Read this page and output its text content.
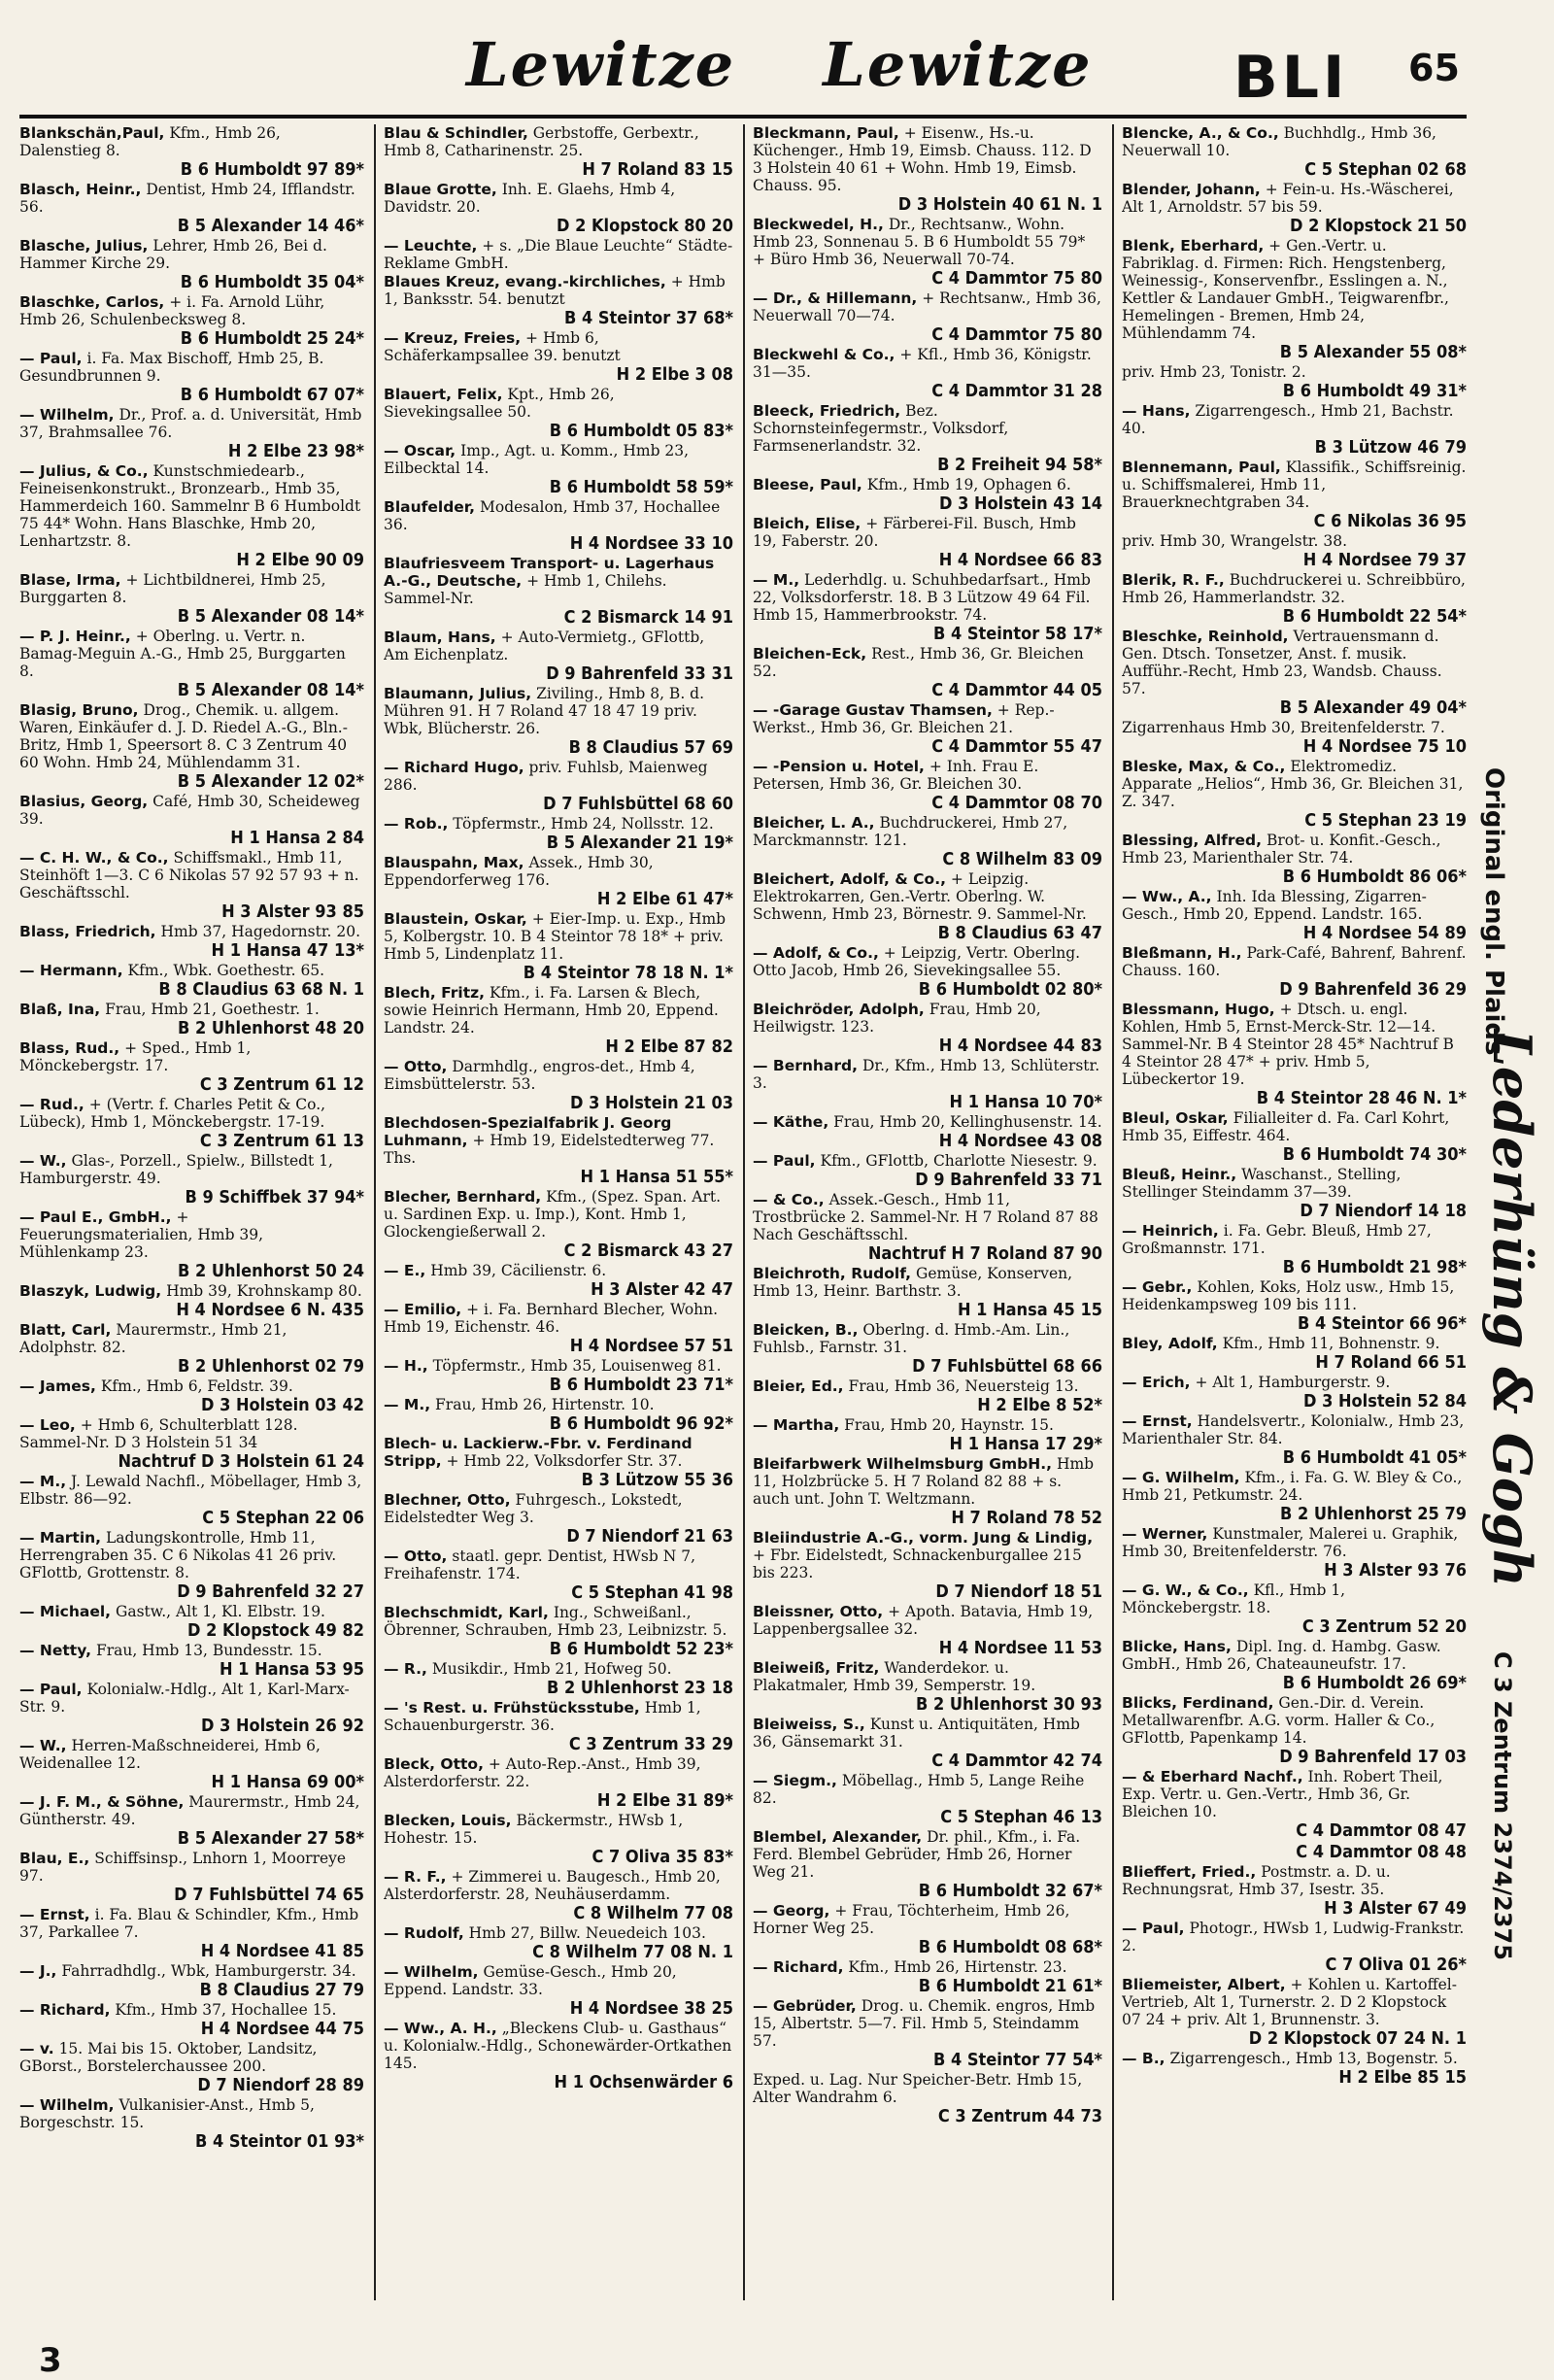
Lewitze Lewitze	BLI 65
Blankschän,Paul, Kfm., Hmb 26, Dalenstieg 8.
B 6 Humboldt 97 89*
Blasch, Heinr., Dentist, Hmb 24, Ifflandstr. 56.
B 5 Alexander 14 46*
Blasche, Julius, Lehrer, Hmb 26, Bei d. Hammer Kirche 29.
B 6 Humboldt 35 04*
Blaschke, Carlos, + i. Fa. Arnold Lühr, Hmb 26, Schulenbecksweg 8.
B 6 Humboldt 25 24*
— Paul, i. Fa. Max Bischoff, Hmb 25, B. Gesundbrunnen 9.
B 6 Humboldt 67 07*
— Wilhelm, Dr., Prof. a. d. Universität, Hmb 37, Brahmsallee 76.
H 2 Elbe 23 98*
— Julius, & Co., Kunstschmiedearb., Feineisenkonstrukt., Bronzearb., Hmb 35, Hammerdeich 160. Sammelnr B 6 Humboldt 75 44* Wohn. Hans Blaschke, Hmb 20, Lenhartzstr. 8.
H 2 Elbe 90 09
Blase, Irma, + Lichtbildnerei, Hmb 25, Burggarten 8.
B 5 Alexander 08 14*
— P. J. Heinr., + Oberlng. u. Vertr. n. Bamag-Meguin A.-G., Hmb 25, Burggarten 8.
B 5 Alexander 08 14*
Blasig, Bruno, Drog., Chemik. u. allgem. Waren, Einkäufer d. J. D. Riedel A.-G., Bln.-Britz, Hmb 1, Speersort 8. C 3 Zentrum 40 60 Wohn. Hmb 24, Mühlendamm 31.
B 5 Alexander 12 02*
Blasius, Georg, Café, Hmb 30, Scheideweg 39.
H 1 Hansa 2 84
— C. H. W., & Co., Schiffsmakl., Hmb 11, Steinhöft 1—3. C 6 Nikolas 57 92 57 93 + n. Geschäftsschl.
H 3 Alster 93 85
Blass, Friedrich, Hmb 37, Hagedornstr. 20.
H 1 Hansa 47 13*
— Hermann, Kfm., Wbk. Goethestr. 65.
B 8 Claudius 63 68 N. 1
Blaß, Ina, Frau, Hmb 21, Goethestr. 1.
B 2 Uhlenhorst 48 20
Blass, Rud., + Sped., Hmb 1, Mönckebergstr. 17.
C 3 Zentrum 61 12
— Rud., + (Vertr. f. Charles Petit & Co., Lübeck), Hmb 1, Mönckebergstr. 17-19.
C 3 Zentrum 61 13
— W., Glas-, Porzell., Spielw., Billstedt 1, Hamburgerstr. 49.
B 9 Schiffbek 37 94*
— Paul E., GmbH., + Feuerungsmaterialien, Hmb 39, Mühlenkamp 23.
B 2 Uhlenhorst 50 24
Blaszyk, Ludwig, Hmb 39, Krohnskamp 80.
H 4 Nordsee 6 N. 435
Blatt, Carl, Maurermstr., Hmb 21, Adolphstr. 82.
B 2 Uhlenhorst 02 79
— James, Kfm., Hmb 6, Feldstr. 39.
D 3 Holstein 03 42
— Leo, + Hmb 6, Schulterblatt 128. Sammel-Nr. D 3 Holstein 51 34
Nachtruf D 3 Holstein 61 24
— M., J. Lewald Nachfl., Möbellager, Hmb 3, Elbstr. 86—92.
C 5 Stephan 22 06
— Martin, Ladungskontrolle, Hmb 11, Herrengraben 35. C 6 Nikolas 41 26 priv. GFlottb, Grottenstr. 8.
D 9 Bahrenfeld 32 27
— Michael, Gastw., Alt 1, Kl. Elbstr. 19.
D 2 Klopstock 49 82
— Netty, Frau, Hmb 13, Bundesstr. 15.
H 1 Hansa 53 95
— Paul, Kolonialw.-Hdlg., Alt 1, Karl-Marx-Str. 9.
D 3 Holstein 26 92
— W., Herren-Maßschneiderei, Hmb 6, Weidenallee 12.
H 1 Hansa 69 00*
— J. F. M., & Söhne, Maurermstr., Hmb 24, Güntherstr. 49.
B 5 Alexander 27 58*
Blau, E., Schiffsinsp., Lnhorn 1, Moorreye 97.
D 7 Fuhlsbüttel 74 65
— Ernst, i. Fa. Blau & Schindler, Kfm., Hmb 37, Parkallee 7.
H 4 Nordsee 41 85
— J., Fahrradhdlg., Wbk, Hamburgerstr. 34.
B 8 Claudius 27 79
— Richard, Kfm., Hmb 37, Hochallee 15.
H 4 Nordsee 44 75
— v. 15. Mai bis 15. Oktober, Landsitz, GBorst., Borstelerchaussee 200.
D 7 Niendorf 28 89
— Wilhelm, Vulkanisier-Anst., Hmb 5, Borgeschstr. 15.
B 4 Steintor 01 93*
Blau & Schindler, Gerbstoffe, Gerbextr., Hmb 8, Catharinenstr. 25.
H 7 Roland 83 15
Blaue Grotte, Inh. E. Glaehs, Hmb 4, Davidstr. 20.
D 2 Klopstock 80 20
— Leuchte, + s. „Die Blaue Leuchte“ Städte-Reklame GmbH.
Blaues Kreuz, evang.-kirchliches, + Hmb 1, Banksstr. 54. benutzt
B 4 Steintor 37 68*
— Kreuz, Freies, + Hmb 6, Schäferkampsallee 39. benutzt
H 2 Elbe 3 08
Blauert, Felix, Kpt., Hmb 26, Sievekingsallee 50.
B 6 Humboldt 05 83*
— Oscar, Imp., Agt. u. Komm., Hmb 23, Eilbecktal 14.
B 6 Humboldt 58 59*
Blaufelder, Modesalon, Hmb 37, Hochallee 36.
H 4 Nordsee 33 10
Blaufriesveem Transport- u. Lagerhaus A.-G., Deutsche, + Hmb 1, Chilehs. Sammel-Nr.
C 2 Bismarck 14 91
Blaum, Hans, + Auto-Vermietg., GFlottb, Am Eichenplatz.
D 9 Bahrenfeld 33 31
Blaumann, Julius, Ziviling., Hmb 8, B. d. Mühren 91. H 7 Roland 47 18 47 19 priv. Wbk, Blücherstr. 26.
B 8 Claudius 57 69
— Richard Hugo, priv. Fuhlsb, Maienweg 286.
D 7 Fuhlsbüttel 68 60
— Rob., Töpfermstr., Hmb 24, Nollsstr. 12.
B 5 Alexander 21 19*
Blauspahn, Max, Assek., Hmb 30, Eppendorferweg 176.
H 2 Elbe 61 47*
Blaustein, Oskar, + Eier-Imp. u. Exp., Hmb 5, Kolbergstr. 10. B 4 Steintor 78 18* + priv. Hmb 5, Lindenplatz 11.
B 4 Steintor 78 18 N. 1*
Blech, Fritz, Kfm., i. Fa. Larsen & Blech, sowie Heinrich Hermann, Hmb 20, Eppend. Landstr. 24.
H 2 Elbe 87 82
— Otto, Darmhdlg., engros-det., Hmb 4, Eimsbüttelerstr. 53.
D 3 Holstein 21 03
Blechdosen-Spezialfabrik J. Georg Luhmann, + Hmb 19, Eidelstedterweg 77. Ths.
H 1 Hansa 51 55*
Blecher, Bernhard, Kfm., (Spez. Span. Art. u. Sardinen Exp. u. Imp.), Kont. Hmb 1, Glockengießerwall 2.
C 2 Bismarck 43 27
— E., Hmb 39, Cäcilienstr. 6.
H 3 Alster 42 47
— Emilio, + i. Fa. Bernhard Blecher, Wohn. Hmb 19, Eichenstr. 46.
H 4 Nordsee 57 51
— H., Töpfermstr., Hmb 35, Louisenweg 81.
B 6 Humboldt 23 71*
— M., Frau, Hmb 26, Hirtenstr. 10.
B 6 Humboldt 96 92*
Blech- u. Lackierw.-Fbr. v. Ferdinand Stripp, + Hmb 22, Volksdorfer Str. 37.
B 3 Lützow 55 36
Blechner, Otto, Fuhrgesch., Lokstedt, Eidelstedter Weg 3.
D 7 Niendorf 21 63
— Otto, staatl. gepr. Dentist, HWsb N 7, Freihafenstr. 174.
C 5 Stephan 41 98
Blechschmidt, Karl, Ing., Schweißanl., Öbrenner, Schrauben, Hmb 23, Leibnizstr. 5.
B 6 Humboldt 52 23*
— R., Musikdir., Hmb 21, Hofweg 50.
B 2 Uhlenhorst 23 18
— 's Rest. u. Frühstücksstube, Hmb 1, Schauenburgerstr. 36.
C 3 Zentrum 33 29
Bleck, Otto, + Auto-Rep.-Anst., Hmb 39, Alsterdorferstr. 22.
H 2 Elbe 31 89*
Blecken, Louis, Bäckermstr., HWsb 1, Hohestr. 15.
C 7 Oliva 35 83*
— R. F., + Zimmerei u. Baugesch., Hmb 20, Alsterdorferstr. 28, Neuhäuserdamm.
C 8 Wilhelm 77 08
— Rudolf, Hmb 27, Billw. Neuedeich 103.
C 8 Wilhelm 77 08 N. 1
— Wilhelm, Gemüse-Gesch., Hmb 20, Eppend. Landstr. 33.
H 4 Nordsee 38 25
— Ww., A. H., „Bleckens Club- u. Gasthaus“ u. Kolonialw.-Hdlg., Schonewärder-Ortkathen 145.
H 1 Ochsenwärder 6
Bleckmann, Paul, + Eisenw., Hs.-u. Küchenger., Hmb 19, Eimsb. Chauss. 112. D 3 Holstein 40 61 + Wohn. Hmb 19, Eimsb. Chauss. 95.
D 3 Holstein 40 61 N. 1
Bleckwedel, H., Dr., Rechtsanw., Wohn. Hmb 23, Sonnenau 5. B 6 Humboldt 55 79* + Büro Hmb 36, Neuerwall 70-74.
C 4 Dammtor 75 80
— Dr., & Hillemann, + Rechtsanw., Hmb 36, Neuerwall 70—74.
C 4 Dammtor 75 80
Bleckwehl & Co., + Kfl., Hmb 36, Königstr. 31—35.
C 4 Dammtor 31 28
Bleeck, Friedrich, Bez. Schornsteinfegermstr., Volksdorf, Farmsenerlandstr. 32.
B 2 Freiheit 94 58*
Bleese, Paul, Kfm., Hmb 19, Ophagen 6.
D 3 Holstein 43 14
Bleich, Elise, + Färberei-Fil. Busch, Hmb 19, Faberstr. 20.
H 4 Nordsee 66 83
— M., Lederhdlg. u. Schuhbedarfsart., Hmb 22, Volksdorferstr. 18. B 3 Lützow 49 64 Fil. Hmb 15, Hammerbrookstr. 74.
B 4 Steintor 58 17*
Bleichen-Eck, Rest., Hmb 36, Gr. Bleichen 52.
C 4 Dammtor 44 05
— -Garage Gustav Thamsen, + Rep.-Werkst., Hmb 36, Gr. Bleichen 21.
C 4 Dammtor 55 47
— -Pension u. Hotel, + Inh. Frau E. Petersen, Hmb 36, Gr. Bleichen 30.
C 4 Dammtor 08 70
Bleicher, L. A., Buchdruckerei, Hmb 27, Marckmannstr. 121.
C 8 Wilhelm 83 09
Bleichert, Adolf, & Co., + Leipzig. Elektrokarren, Gen.-Vertr. Oberlng. W. Schwenn, Hmb 23, Börnestr. 9. Sammel-Nr.
B 8 Claudius 63 47
— Adolf, & Co., + Leipzig, Vertr. Oberlng. Otto Jacob, Hmb 26, Sievekingsallee 55.
B 6 Humboldt 02 80*
Bleichröder, Adolph, Frau, Hmb 20, Heilwigstr. 123.
H 4 Nordsee 44 83
— Bernhard, Dr., Kfm., Hmb 13, Schlüterstr. 3.
H 1 Hansa 10 70*
— Käthe, Frau, Hmb 20, Kellinghusenstr. 14.
H 4 Nordsee 43 08
— Paul, Kfm., GFlottb, Charlotte Niesestr. 9.
D 9 Bahrenfeld 33 71
— & Co., Assek.-Gesch., Hmb 11, Trostbrücke 2. Sammel-Nr. H 7 Roland 87 88 Nach Geschäftsschl.
Nachtruf H 7 Roland 87 90
Bleichroth, Rudolf, Gemüse, Konserven, Hmb 13, Heinr. Barthstr. 3.
H 1 Hansa 45 15
Bleicken, B., Oberlng. d. Hmb.-Am. Lin., Fuhlsb., Farnstr. 31.
D 7 Fuhlsbüttel 68 66
Bleier, Ed., Frau, Hmb 36, Neuersteig 13.
H 2 Elbe 8 52*
— Martha, Frau, Hmb 20, Haynstr. 15.
H 1 Hansa 17 29*
Bleifarbwerk Wilhelmsburg GmbH., Hmb 11, Holzbrücke 5. H 7 Roland 82 88 + s. auch unt. John T. Weltzmann.
H 7 Roland 78 52
Bleiindustrie A.-G., vorm. Jung & Lindig, + Fbr. Eidelstedt, Schnackenburgallee 215 bis 223.
D 7 Niendorf 18 51
Bleissner, Otto, + Apoth. Batavia, Hmb 19, Lappenbergsallee 32.
H 4 Nordsee 11 53
Bleiweiß, Fritz, Wanderdekor. u. Plakatmaler, Hmb 39, Semperstr. 19.
B 2 Uhlenhorst 30 93
Bleiweiss, S., Kunst u. Antiquitäten, Hmb 36, Gänsemarkt 31.
C 4 Dammtor 42 74
— Siegm., Möbellag., Hmb 5, Lange Reihe 82.
C 5 Stephan 46 13
Blembel, Alexander, Dr. phil., Kfm., i. Fa. Ferd. Blembel Gebrüder, Hmb 26, Horner Weg 21.
B 6 Humboldt 32 67*
— Georg, + Frau, Töchterheim, Hmb 26, Horner Weg 25.
B 6 Humboldt 08 68*
— Richard, Kfm., Hmb 26, Hirtenstr. 23.
B 6 Humboldt 21 61*
— Gebrüder, Drog. u. Chemik. engros, Hmb 15, Albertstr. 5—7. Fil. Hmb 5, Steindamm 57.
B 4 Steintor 77 54*
Exped. u. Lag. Nur Speicher-Betr. Hmb 15, Alter Wandrahm 6.
C 3 Zentrum 44 73
Blencke, A., & Co., Buchhdlg., Hmb 36, Neuerwall 10.
C 5 Stephan 02 68
Blender, Johann, + Fein-u. Hs.-Wäscherei, Alt 1, Arnoldstr. 57 bis 59.
D 2 Klopstock 21 50
Blenk, Eberhard, + Gen.-Vertr. u. Fabriklag. d. Firmen: Rich. Hengstenberg, Weinessig-, Konservenfbr., Esslingen a. N., Kettler & Landauer GmbH., Teigwarenfbr., Hemelingen - Bremen, Hmb 24, Mühlendamm 74.
B 5 Alexander 55 08*
priv. Hmb 23, Tonistr. 2.
B 6 Humboldt 49 31*
— Hans, Zigarrengesch., Hmb 21, Bachstr. 40.
B 3 Lützow 46 79
Blennemann, Paul, Klassifik., Schiffsreinig. u. Schiffsmalerei, Hmb 11, Brauerknechtgraben 34.
C 6 Nikolas 36 95
priv. Hmb 30, Wrangelstr. 38.
H 4 Nordsee 79 37
Blerik, R. F., Buchdruckerei u. Schreibbüro, Hmb 26, Hammerlandstr. 32.
B 6 Humboldt 22 54*
Bleschke, Reinhold, Vertrauensmann d. Gen. Dtsch. Tonsetzer, Anst. f. musik. Aufführ.-Recht, Hmb 23, Wandsb. Chauss. 57.
B 5 Alexander 49 04*
Zigarrenhaus Hmb 30, Breitenfelderstr. 7.
H 4 Nordsee 75 10
Bleske, Max, & Co., Elektromediz. Apparate „Helios“, Hmb 36, Gr. Bleichen 31, Z. 347.
C 5 Stephan 23 19
Blessing, Alfred, Brot- u. Konfit.-Gesch., Hmb 23, Marienthaler Str. 74.
B 6 Humboldt 86 06*
— Ww., A., Inh. Ida Blessing, Zigarren-Gesch., Hmb 20, Eppend. Landstr. 165.
H 4 Nordsee 54 89
Bleßmann, H., Park-Café, Bahrenf, Bahrenf. Chauss. 160.
D 9 Bahrenfeld 36 29
Blessmann, Hugo, + Dtsch. u. engl. Kohlen, Hmb 5, Ernst-Merck-Str. 12—14. Sammel-Nr. B 4 Steintor 28 45* Nachtruf B 4 Steintor 28 47* + priv. Hmb 5, Lübeckertor 19.
B 4 Steintor 28 46 N. 1*
Bleul, Oskar, Filialleiter d. Fa. Carl Kohrt, Hmb 35, Eiffestr. 464.
B 6 Humboldt 74 30*
Bleuß, Heinr., Waschanst., Stelling, Stellinger Steindamm 37—39.
D 7 Niendorf 14 18
— Heinrich, i. Fa. Gebr. Bleuß, Hmb 27, Großmannstr. 171.
B 6 Humboldt 21 98*
— Gebr., Kohlen, Koks, Holz usw., Hmb 15, Heidenkampsweg 109 bis 111.
B 4 Steintor 66 96*
Bley, Adolf, Kfm., Hmb 11, Bohnenstr. 9.
H 7 Roland 66 51
— Erich, + Alt 1, Hamburgerstr. 9.
D 3 Holstein 52 84
— Ernst, Handelsvertr., Kolonialw., Hmb 23, Marienthaler Str. 84.
B 6 Humboldt 41 05*
— G. Wilhelm, Kfm., i. Fa. G. W. Bley & Co., Hmb 21, Petkumstr. 24.
B 2 Uhlenhorst 25 79
— Werner, Kunstmaler, Malerei u. Graphik, Hmb 30, Breitenfelderstr. 76.
H 3 Alster 93 76
— G. W., & Co., Kfl., Hmb 1, Mönckebergstr. 18.
C 3 Zentrum 52 20
Blicke, Hans, Dipl. Ing. d. Hambg. Gasw. GmbH., Hmb 26, Chateauneufstr. 17.
B 6 Humboldt 26 69*
Blicks, Ferdinand, Gen.-Dir. d. Verein. Metallwarenfbr. A.G. vorm. Haller & Co., GFlottb, Papenkamp 14.
D 9 Bahrenfeld 17 03
— & Eberhard Nachf., Inh. Robert Theil, Exp. Vertr. u. Gen.-Vertr., Hmb 36, Gr. Bleichen 10.
C 4 Dammtor 08 47
C 4 Dammtor 08 48
Blieffert, Fried., Postmstr. a. D. u. Rechnungsrat, Hmb 37, Isestr. 35.
H 3 Alster 67 49
— Paul, Photogr., HWsb 1, Ludwig-Frankstr. 2.
C 7 Oliva 01 26*
Bliemeister, Albert, + Kohlen u. Kartoffel-Vertrieb, Alt 1, Turnerstr. 2. D 2 Klopstock 07 24 + priv. Alt 1, Brunnenstr. 3.
D 2 Klopstock 07 24 N. 1
— B., Zigarrengesch., Hmb 13, Bogenstr. 5.
H 2 Elbe 85 15
Original engl. Plaids
Lederhüng & Gogh
C 3 Zentrum 2374/2375
3
